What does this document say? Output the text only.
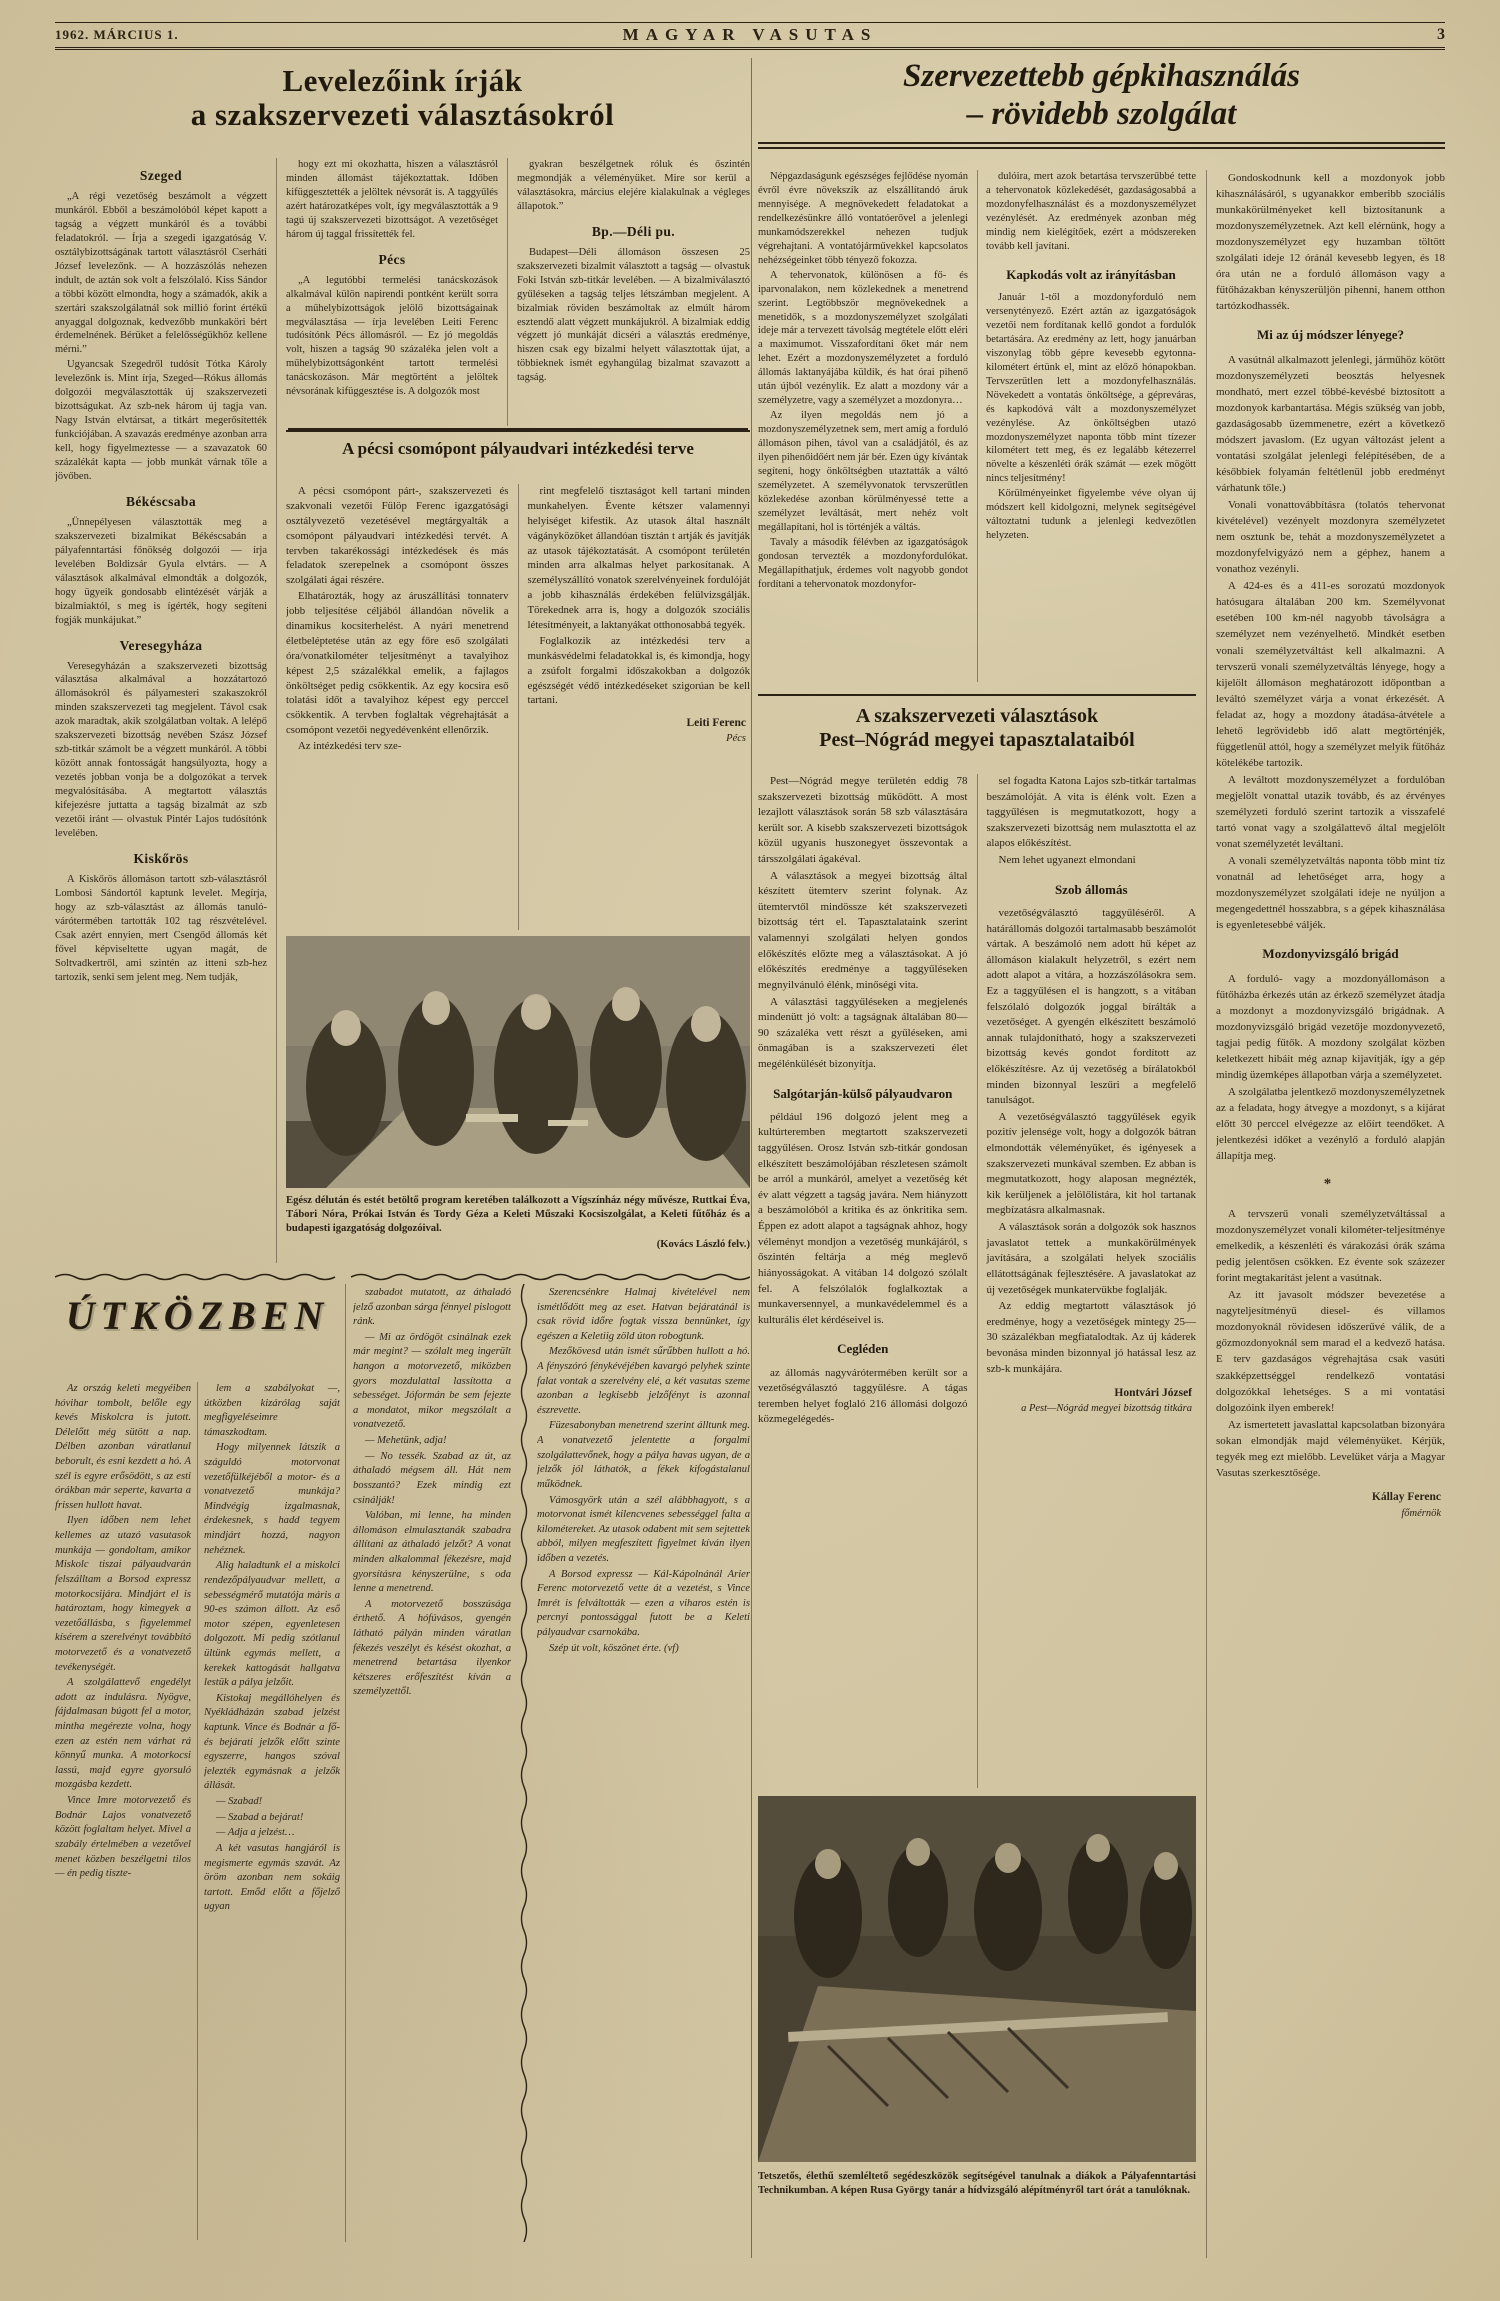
1962. MÁRCIUS 1.	MAGYAR VASUTAS	3
Levelezőink írják
a szakszervezeti választásokról
Szeged

„A régi vezetőség beszámolt a végzett munkáról. Ebből a beszámolóból képet kapott a tagság a végzett munkáról és a további feladatokról. — Írja a szegedi igazgatóság V. osztálybizottságának tartott választásról Cserháti József levelezőnk. — A hozzászólás nehezen indult, de aztán sok volt a felszólaló. Kiss Sándor a többi között elmondta, hogy a számadók, akik a szertári szakszolgálatnál sok millió forint értékű anyaggal dolgoznak, kedvezőbb munkaköri bért érdemelnének. Bérüket a felelősségükhöz kellene mérni.”

Ugyancsak Szegedről tudósít Tótka Károly levelezőnk is. Mint írja, Szeged—Rókus állomás dolgozói megválasztották új szakszervezeti bizottságukat. Az szb-nek három új tagja van. Nagy István elvtársat, a titkárt megerősítették funkciójában. A szavazás eredménye azonban arra kell, hogy figyelmeztesse — a szavazatok 60 százalékát kapta — jobb munkát várnak tőle a jövőben.

Békéscsaba

„Ünnepélyesen választották meg a szakszervezeti bizalmikat Békéscsabán a pályafenntartási főnökség dolgozói — írja levelében Boldizsár Gyula elvtárs. — A választások alkalmával elmondták a dolgozók, hogy ügyeik gondosabb elintézését várják a bizalmiaktól, s meg is ígérték, hogy segíteni fogják munkájukat.”

Veresegyháza

Veresegyházán a szakszervezeti bizottság választása alkalmával a hozzátartozó állomásokról és pályamesteri szakaszokról minden szakszervezeti tag megjelent. Távol csak azok maradtak, akik szolgálatban voltak. A lelépő szakszervezeti bizottság nevében Szász József szb-titkár számolt be a végzett munkáról. A többi között annak fontosságát hangsúlyozta, hogy a vezetés jobban vonja be a dolgozókat a tervek megvalósításába. A megtartott választás kifejezésre juttatta a tagság bizalmát az szb vezetői iránt — olvastuk Pintér Lajos tudósítónk levelében.

Kiskőrös

A Kiskőrös állomáson tartott szb-választásról Lombosi Sándortól kaptunk levelet. Megírja, hogy az szb-választást az állomás tanuló-várótermében tartották 102 tag részvételével. Csak azért ennyien, mert Csengőd állomás két fővel képviseltette ugyan magát, de Soltvadkertről, ami szintén az itteni szb-hez tartozik, senki sem jelent meg. Nem tudják,

hogy ezt mi okozhatta, hiszen a választásról minden állomást tájékoztattak. Időben kifüggesztették a jelöltek névsorát is. A taggyűlés azért határozatképes volt, így megválasztották a 9 tagú új szakszervezeti bizottságot. A vezetőséget három új taggal frissítették fel.

Pécs

„A legutóbbi termelési tanácskozások alkalmával külön napirendi pontként került sorra a műhelybizottságok jelölő bizottságainak megválasztása — írja levelében Leiti Ferenc tudósítónk Pécs állomásról. — Ez jó megoldás volt, hiszen a tagság 90 százaléka jelen volt a műhelybizottságonként tartott termelési tanácskozáson. Már megtörtént a jelöltek névsorának kifüggesztése is. A dolgozók most

gyakran beszélgetnek róluk és őszintén megmondják a véleményüket. Mire sor kerül a választásokra, március elejére kialakulnak a végleges állapotok.”

Bp.—Déli pu.

Budapest—Déli állomáson összesen 25 szakszervezeti bizalmit választott a tagság — olvastuk Foki István szb-titkár levelében. — A bizalmiválasztó gyűléseken a tagság teljes létszámban megjelent. A bizalmiak röviden beszámoltak az elmúlt három esztendő alatt végzett munkájukról. A bizalmiak eddig végzett jó munkáját dicséri a választás eredménye, hiszen csak egy bizalmi helyett választottak újat, a többieknek ismét egyhangúlag bizalmat szavazott a tagság.

A pécsi csomópont pályaudvari intézkedési terve

A pécsi csomópont párt-, szakszervezeti és szakvonali vezetői Fülöp Ferenc igazgatósági osztályvezető vezetésével megtárgyalták a csomópont pályaudvari intézkedési tervét. A tervben takarékossági intézkedések és más feladatok szerepelnek a csomópont összes szolgálati ágai részére.

Elhatározták, hogy az áruszállítási tonnaterv jobb teljesítése céljából állandóan növelik a dinamikus kocsiterhelést. A nyári menetrend életbeléptetése után az egy főre eső szolgálati óra/vonatkilométer teljesítményt a tavalyihoz képest 2,5 százalékkal emelik, a fajlagos önköltséget pedig csökkentik. Az egy kocsira eső tolatási időt a tavalyihoz képest egy perccel csökkentik. A tervben foglaltak végrehajtását a csomópont vezetői negyedévenként ellenőrzik.

Az intézkedési terv sze-

rint megfelelő tisztaságot kell tartani minden munkahelyen. Évente kétszer valamennyi helyiséget kifestik. Az utasok által használt vágányközöket állandóan tisztán t artják és javítják az utasok tájékoztatását. A csomópont területén minden arra alkalmas helyet parkosítanak. A személyszállító vonatok szerelvényeinek fordulóját a jobb kihasználás érdekében felülvizsgálják. Törekednek arra is, hogy a dolgozók szociális létesítményeit, a laktanyákat otthonosabbá tegyék.

Foglalkozik az intézkedési terv a munkásvédelmi feladatokkal is, és kimondja, hogy a zsúfolt forgalmi időszakokban a dolgozók egészségét védő intézkedéseket szigorúan be kell tartani.

Leiti Ferenc
Pécs

Egész délután és estét betöltő program keretében találkozott a Vígszínház négy művésze, Ruttkai Éva, Tábori Nóra, Prókai István és Tordy Géza a Keleti Műszaki Kocsiszolgálat, a Keleti fűtőház és a budapesti igazgatóság dolgozóival.
(Kovács László felv.)

ÚTKÖZBEN

Az ország keleti megyéiben hóvihar tombolt, belőle egy kevés Miskolcra is jutott. Délelőtt még sütött a nap. Délben azonban váratlanul beborult, és esni kezdett a hó. A szél is egyre erősödött, s az esti órákban már seperte, kavarta a frissen hullott havat.

Ilyen időben nem lehet kellemes az utazó vasutasok munkája — gondoltam, amikor Miskolc tiszai pályaudvarán felszálltam a Borsod expressz motorkocsijára. Mindjárt el is határoztam, hogy kimegyek a vezetőállásba, s figyelemmel kísérem a szerelvényt továbbító motorvezető és a vonatvezető tevékenységét.

A szolgálattevő engedélyt adott az indulásra. Nyögve, fájdalmasan búgott fel a motor, mintha megérezte volna, hogy ezen az estén nem várhat rá könnyű munka. A motorkocsi lassú, majd egyre gyorsuló mozgásba kezdett.

Vince Imre motorvezető és Bodnár Lajos vonatvezető között foglaltam helyet. Mivel a szabály értelmében a vezetővel menet közben beszélgetni tilos — én pedig tiszte-

lem a szabályokat —, útközben kizárólag saját megfigyeléseimre támaszkodtam.

Hogy milyennek látszik a száguldó motorvonat vezetőfülkéjéből a motor- és a vonatvezető munkája? Mindvégig izgalmasnak, érdekesnek, s hadd tegyem mindjárt hozzá, nagyon nehéznek.

Alig haladtunk el a miskolci rendezőpályaudvar mellett, a sebességmérő mutatója máris a 90-es számon állott. Az eső motor szépen, egyenletesen dolgozott. Mi pedig szótlanul ültünk egymás mellett, a kerekek kattogását hallgatva lestük a pálya jelzőit.

Kistokaj megállóhelyen és Nyékládházán szabad jelzést kaptunk. Vince és Bodnár a fő- és bejárati jelzők előtt szinte egyszerre, hangos szóval jelezték egymásnak a jelzők állását.

— Szabad!

— Szabad a bejárat!

— Adja a jelzést…

A két vasutas hangjáról is megismerte egymás szavát. Az öröm azonban nem sokáig tartott. Emőd előtt a főjelző ugyan

szabadot mutatott, az áthaladó jelző azonban sárga fénnyel pislogott ránk.

— Mi az ördögöt csinálnak ezek már megint? — szólalt meg ingerült hangon a motorvezető, miközben gyors mozdulattal lassította a sebességet. Jóformán be sem fejezte a mondatot, mikor megszólalt a vonatvezető.

— Mehetünk, adja!

— No tessék. Szabad az út, az áthaladó mégsem áll. Hát nem bosszantó? Ezek mindig ezt csinálják!

Valóban, mi lenne, ha minden állomáson elmulasztanák szabadra állítani az áthaladó jelzőt? A vonat minden alkalommal fékezésre, majd gyorsításra kényszerülne, s oda lenne a menetrend.

A motorvezető bosszúsága érthető. A hófúvásos, gyengén látható pályán minden váratlan fékezés veszélyt és késést okozhat, a menetrend betartása ilyenkor kétszeres erőfeszítést kíván a személyzettől.

Szerencsénkre Halmaj kivételével nem ismétlődött meg az eset. Hatvan bejáratánál is csak rövid időre fogtak vissza bennünket, így egészen a Keletiig zöld úton robogtunk.

Mezőkövesd után ismét sűrűbben hullott a hó. A fényszóró fénykévéjében kavargó pelyhek szinte falat vontak a szerelvény elé, a két vasutas szeme azonban a legkisebb jelzőfényt is azonnal észrevette.

Füzesabonyban menetrend szerint álltunk meg. A vonatvezető jelentette a forgalmi szolgálattevőnek, hogy a pálya havas ugyan, de a jelzők jól láthatók, a fékek kifogástalanul működnek.

Vámosgyörk után a szél alábbhagyott, s a motorvonat ismét kilencvenes sebességgel falta a kilométereket. Az utasok odabent mit sem sejtettek abból, milyen megfeszített figyelmet kíván ilyen időben a vezetés.

A Borsod expressz — Kál-Kápolnánál Arier Ferenc motorvezető vette át a vezetést, s Vince Imrét is felváltották — ezen a viharos estén is percnyi pontossággal futott be a Keleti pályaudvar csarnokába.

Szép út volt, köszönet érte. (vf)

Szervezettebb gépkihasználás
– rövidebb szolgálat

Népgazdaságunk egészséges fejlődése nyomán évről évre növekszik az elszállítandó áruk mennyisége. A megnövekedett feladatokat a rendelkezésünkre álló vontatóerővel a jelenlegi munkamódszerekkel nehezen tudjuk végrehajtani. A vontatójárművekkel kapcsolatos nehézségeinket több tényező fokozza.

A tehervonatok, különösen a fő- és iparvonalakon, nem közlekednek a menetrend szerint. Legtöbbször megnövekednek a menetidők, s a mozdonyszemélyzet szolgálati ideje már a tervezett távolság megtétele előtt eléri a maximumot. Visszafordítani őket már nem lehet. Ezért a mozdonyszemélyzetet a forduló állomás laktanyájába küldik, és hat órai pihenő után újból vezénylik. Ez alatt a mozdony vár a személyzetre, vagy a személyzet a mozdonyra…

Az ilyen megoldás nem jó a mozdonyszemélyzetnek sem, mert amíg a forduló állomáson pihen, távol van a családjától, és az ilyen pihenőidőért nem jár bér. Ezen úgy kívántak segíteni, hogy önköltségben utaztatták a váltó személyzetet. A személyvonatok tervszerűtlen közlekedése azonban körülményessé tette a személyzet leváltását, mert nehéz volt megállapítani, hol is történjék a váltás.

Tavaly a második félévben az igazgatóságok gondosan tervezték a mozdonyfordulókat. Megállapíthatjuk, érdemes volt nagyobb gondot fordítani a tehervonatok mozdonyfor-

dulóira, mert azok betartása tervszerűbbé tette a tehervonatok közlekedését, gazdaságosabbá a mozdonyfelhasználást és a mozdonyszemélyzet vezénylését. Az eredmények azonban még mindig nem kielégítőek, ezért a módszereken tovább kell javítani.

Kapkodás volt az irányításban

Január 1-től a mozdonyforduló nem versenytényező. Ezért aztán az igazgatóságok vezetői nem fordítanak kellő gondot a fordulók betartására. Az eredmény az lett, hogy januárban viszonylag több gépre kevesebb egytonna-kilométert értünk el, mint az előző hónapokban. Tervszerűtlen lett a mozdonyfelhasználás. Növekedett a vontatás önköltsége, a gépreváras, és kapkodóvá vált a mozdonyszemélyzet vezénylése. Az önköltségben utazó mozdonyszemélyzet naponta több mint tízezer kilométert tett meg, és ez legalább kétezerrel növelte a készenléti órák számát — ezek mögött nincs teljesítmény!

Körülményeinket figyelembe véve olyan új módszert kell kidolgozni, melynek segítségével változtatni tudunk a jelenlegi kedvezőtlen helyzeten.

Gondoskodnunk kell a mozdonyok jobb kihasználásáról, s ugyanakkor emberibb szociális munkakörülményeket kell biztosítanunk a mozdonyszemélyzetnek. Azt kell elérnünk, hogy a mozdonyszemélyzet egy huzamban töltött szolgálati ideje 12 óránál kevesebb legyen, és 18 óra után ne a forduló állomáson vagy a fűtőházakban kényszerüljön pihenni, hanem otthon tartózkodhassék.

Mi az új módszer lényege?

A vasútnál alkalmazott jelenlegi, járműhöz kötött mozdonyszemélyzeti beosztás helyesnek mondható, mert ezzel többé-kevésbé biztosított a mozdonyok karbantartása. Mégis szükség van jobb, gazdaságosabb üzemmenetre, ezért a következő módszert javaslom. (Ez ugyan változást jelent a vontatási szolgálat jelenlegi felépítésében, de a későbbiek folyamán feltétlenül jobb eredményt várhatunk tőle.)

Vonali vonattovábbításra (tolatós tehervonat kivételével) vezényelt mozdonyra személyzetet nem osztunk be, tehát a mozdonyszemélyzetet a mozdonyfelvigyázó nem a géphez, hanem a vonathoz vezényli.

A 424-es és a 411-es sorozatú mozdonyok hatósugara általában 200 km. Személyvonat esetében 100 km-nél nagyobb távolságra a személyzet nem vezényelhető. Mindkét esetben vonali személyzetváltást kell alkalmazni. A tervszerű vonali személyzetváltás lényege, hogy a kijelölt állomáson meghatározott időpontban a leváltó személyzet várja a vonat érkezését. A feladat az, hogy a mozdony átadása-átvétele a lehető legrövidebb idő alatt megtörténjék, függetlenül attól, hogy a személyzet melyik fűtőház kötelékébe tartozik.

A leváltott mozdonyszemélyzet a fordulóban megjelölt vonattal utazik tovább, és az érvényes személyzeti forduló szerint tartozik a visszafelé tartó vonat vagy a szolgálattevő által megjelölt vonat személyzetét leváltani.

A vonali személyzetváltás naponta több mint tíz vonatnál ad lehetőséget arra, hogy a mozdonyszemélyzet szolgálati ideje ne nyúljon a megengedettnél hosszabbra, s a gépek kihasználása is egyenletesebbé váljék.

Mozdonyvizsgáló brigád

A forduló- vagy a mozdonyállomáson a fűtőházba érkezés után az érkező személyzet átadja a mozdonyt a mozdonyvizsgáló brigádnak. A mozdonyvizsgáló brigád vezetője mozdonyvezető, tagjai pedig fűtők. A mozdony szolgálat közben keletkezett hibáit még aznap kijavítják, így a gép mindig üzemképes állapotban várja a személyzetet.

A szolgálatba jelentkező mozdonyszemélyzetnek az a feladata, hogy átvegye a mozdonyt, s a kijárat előtt 30 perccel elvégezze az előírt teendőket. A jelentkezési időket a vezénylő a forduló alapján állapítja meg.

*

A tervszerű vonali személyzetváltással a mozdonyszemélyzet vonali kilométer-teljesítménye emelkedik, a készenléti és várakozási órák száma pedig jelentősen csökken. Ez évente sok százezer forint megtakarítást jelent a vasútnak.

Az itt javasolt módszer bevezetése a nagyteljesítményű diesel- és villamos mozdonyoknál rövidesen időszerűvé válik, de a gőzmozdonyoknál sem marad el a kedvező hatása. E terv gazdaságos végrehajtása csak vasúti szakképzettséggel rendelkező vontatási dolgozókkal lehetséges. S a mi vontatási dolgozóink ilyen emberek!

Az ismertetett javaslattal kapcsolatban bizonyára sokan elmondják majd véleményüket. Kérjük, tegyék meg ezt mielőbb. Levelüket várja a Magyar Vasutas szerkesztősége.

Kállay Ferenc
főmérnök

A szakszervezeti választások
Pest–Nógrád megyei tapasztalataiból

Pest—Nógrád megye területén eddig 78 szakszervezeti bizottság működött. A most lezajlott választások során 58 szb választására került sor. A kisebb szakszervezeti bizottságok közül ugyanis huszonegyet összevontak a társszolgálati ágakéval.

A választások a megyei bizottság által készített ütemterv szerint folynak. Az ütemtervtől mindössze két szakszervezeti bizottság tért el. Tapasztalataink szerint valamennyi szolgálati helyen gondos előkészítés előzte meg a választásokat. A jó előkészítés eredménye a taggyűléseken megnyilvánuló élénk, minőségi vita.

A választási taggyűléseken a megjelenés mindenütt jó volt: a tagságnak általában 80—90 százaléka vett részt a gyűléseken, ami önmagában is a szakszervezeti élet megélénkülését bizonyítja.

Salgótarján-külső pályaudvaron

például 196 dolgozó jelent meg a kultúrteremben megtartott szakszervezeti taggyűlésen. Orosz István szb-titkár gondosan elkészített beszámolójában részletesen számolt be arról a munkáról, amelyet a vezetőség két év alatt végzett a tagság javára. Nem hiányzott a beszámolóból a kritika és az önkritika sem. Éppen ez adott alapot a tagságnak ahhoz, hogy véleményt mondjon a vezetőség munkájáról, s őszintén feltárja a még meglevő hiányosságokat. A vitában 14 dolgozó szólalt fel. A felszólalók foglalkoztak a munkaversennyel, a munkavédelemmel és a kulturális élet kérdéseivel is.

Cegléden

az állomás nagyvárótermében került sor a vezetőségválasztó taggyűlésre. A tágas teremben helyet foglaló 216 állomási dolgozó közmegelégedés-

sel fogadta Katona Lajos szb-titkár tartalmas beszámolóját. A vita is élénk volt. Ezen a taggyűlésen is megmutatkozott, hogy a szakszervezeti bizottság nem mulasztotta el az alapos előkészítést.

Nem lehet ugyanezt elmondani

Szob állomás

vezetőségválasztó taggyűléséről. A határállomás dolgozói tartalmasabb beszámolót vártak. A beszámoló nem adott hű képet az állomáson kialakult helyzetről, s ezért nem adott alapot a vitára, a hozzászólásokra sem. Ez a taggyűlésen el is hangzott, s a vitában felszólaló dolgozók joggal bírálták a vezetőséget. A gyengén elkészített beszámoló annak tulajdonítható, hogy a szakszervezeti bizottság kevés gondot fordított az előkészítésre. Az új vezetőség a bírálatokból minden bizonnyal leszűri a megfelelő tanulságot.

A vezetőségválasztó taggyűlések egyik pozitív jelensége volt, hogy a dolgozók bátran elmondották véleményüket, és igényesek a szakszervezeti munkával szemben. Ez abban is megmutatkozott, hogy alaposan megnézték, kik kerüljenek a jelölőlistára, kit hol tartanak megbízatásra alkalmasnak.

A választások során a dolgozók sok hasznos javaslatot tettek a munkakörülmények javítására, a szolgálati helyek szociális ellátottságának fejlesztésére. A javaslatokat az új vezetőségek munkatervükbe foglalják.

Az eddig megtartott választások jó eredménye, hogy a vezetőségek mintegy 25—30 százalékban megfiatalodtak. Az új káderek bevonása minden bizonnyal jó hatással lesz az szb-k munkájára.

Hontvári József
a Pest—Nógrád megyei bizottság titkára

Tetszetős, élethű szemléltető segédeszközök segítségével tanulnak a diákok a Pályafenntartási Technikumban. A képen Rusa György tanár a hídvizsgáló alépítményről tart órát a tanulóknak.
